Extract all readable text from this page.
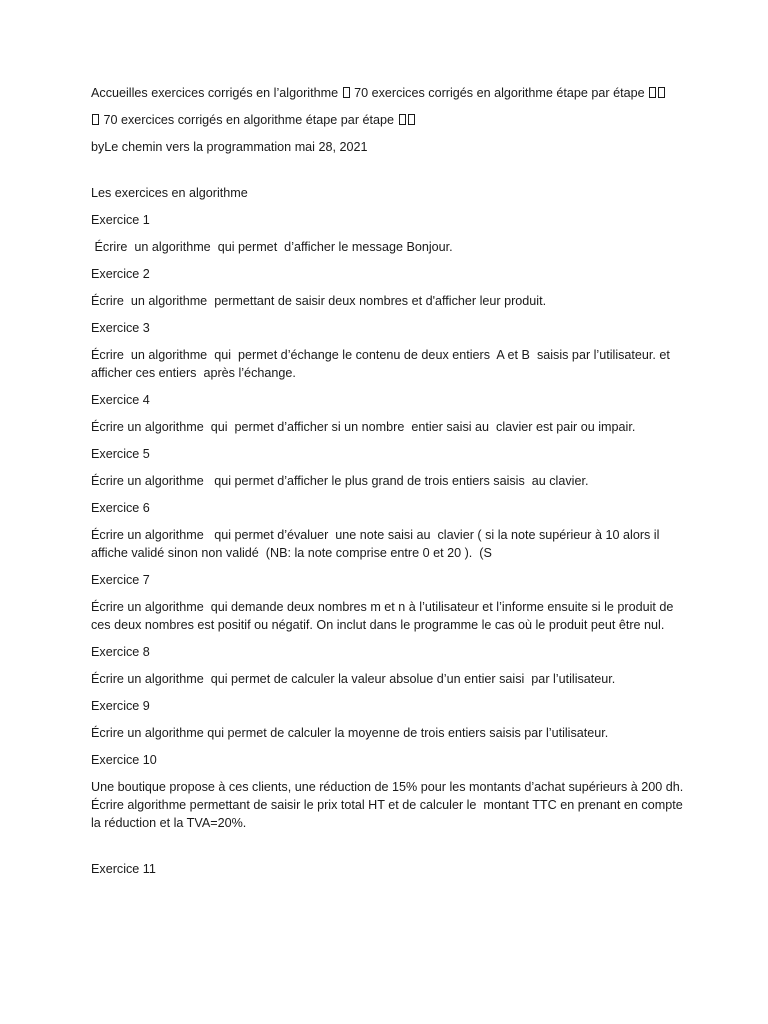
Accueilles exercices corrigés en l’algorithme  70 exercices corrigés en algorithme étape par étape

70 exercices corrigés en algorithme étape par étape

byLe chemin vers la programmation mai 28, 2021

Les exercices en algorithme

Exercice 1

Écrire  un algorithme  qui permet  d’afficher le message Bonjour.

Exercice 2

Écrire  un algorithme  permettant de saisir deux nombres et d'afficher leur produit.

Exercice 3

Écrire  un algorithme  qui  permet d’échange le contenu de deux entiers  A et B  saisis par l’utilisateur. et afficher ces entiers  après l’échange.

Exercice 4

Écrire un algorithme  qui  permet d’afficher si un nombre  entier saisi au  clavier est pair ou impair.

Exercice 5

Écrire un algorithme   qui permet d’afficher le plus grand de trois entiers saisis  au clavier.

Exercice 6

Écrire un algorithme   qui permet d’évaluer  une note saisi au  clavier ( si la note supérieur à 10 alors il affiche validé sinon non validé  (NB: la note comprise entre 0 et 20 ).  (S

Exercice 7

Écrire un algorithme  qui demande deux nombres m et n à l’utilisateur et l’informe ensuite si le produit de ces deux nombres est positif ou négatif. On inclut dans le programme le cas où le produit peut être nul.

Exercice 8

Écrire un algorithme  qui permet de calculer la valeur absolue d’un entier saisi  par l’utilisateur.

Exercice 9

Écrire un algorithme qui permet de calculer la moyenne de trois entiers saisis par l’utilisateur.

Exercice 10

Une boutique propose à ces clients, une réduction de 15% pour les montants d’achat supérieurs à 200 dh. Écrire algorithme permettant de saisir le prix total HT et de calculer le  montant TTC en prenant en compte la réduction et la TVA=20%.

Exercice 11
